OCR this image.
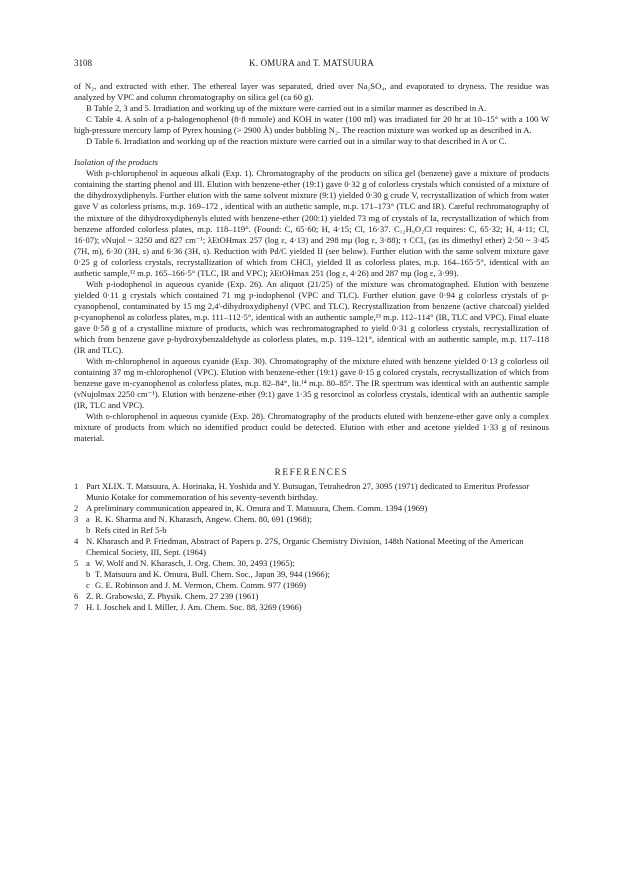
3108	K. OMURA and T. MATSUURA

of N₂, and extracted with ether. The ethereal layer was separated, dried over Na₂SO₄, and evaporated to dryness. The residue was analyzed by VPC and column chromatography on silica gel (ca 60 g).

B Table 2, 3 and 5. Irradiation and working up of the mixture were carried out in a similar manner as described in A.

C Table 4. A soln of a p-halogenophenol (8·8 mmole) and KOH in water (100 ml) was irradiated for 20 hr at 10–15° with a 100 W high-pressure mercury lamp of Pyrex housing (> 2900 Å) under bubbling N₂. The reaction mixture was worked up as described in A.

D Table 6. Irradiation and working up of the reaction mixture were carried out in a similar way to that described in A or C.

Isolation of the products

With p-chlorophenol in aqueous alkali (Exp. 1). Chromatography of the products on silica gel (benzene) gave a mixture of products containing the starting phenol and III. Elution with benzene-ether (19:1) gave 0·32 g of colorless crystals which consisted of a mixture of the dihydroxydiphenyls. Further elution with the same solvent mixture (9:1) yielded 0·30 g crude V, recrystallization of which from water gave V as colorless prisms, m.p. 169–172 , identical with an authetic sample, m.p. 171–173° (TLC and IR). Careful rechromatography of the mixture of the dihydroxydiphenyls eluted with benzene-ether (200:1) yielded 73 mg of crystals of Ia, recrystallization of which from benzene afforded colorless plates, m.p. 118–119°. (Found: C, 65·60; H, 4·15; Cl, 16·37. C₁₂H₉O₂Cl requires: C, 65·32; H, 4·11; Cl, 16·07); νNujol ~ 3250 and 827 cm⁻¹; λEtOHmax 257 (log ε, 4·13) and 298 mμ (log ε, 3·88); τ CCl₄ (as its dimethyl ether) 2·50 ~ 3·45 (7H, m), 6·30 (3H, s) and 6·36 (3H, s). Reduction with Pd/C yielded II (see below). Further elution with the same solvent mixture gave 0·25 g of colorless crystals, recrystallization of which from CHCl₃ yielded II as colorless plates, m.p. 164–165·5°, identical with an authetic sample,¹² m.p. 165–166·5° (TLC, IR and VPC); λEtOHmax 251 (log ε, 4·26) and 287 mμ (log ε, 3·99).

With p-iodophenol in aqueous cyanide (Exp. 26). An aliquot (21/25) of the mixture was chromatographed. Elution with benzene yielded 0·11 g crystals which contained 71 mg p-iodophenol (VPC and TLC). Further elution gave 0·94 g colorless crystals of p-cyanophenol, contaminated by 15 mg 2,4'-dihydroxydiphenyl (VPC and TLC). Recrystallization from benzene (active charcoal) yielded p-cyanophenol as colorless plates, m.p. 111–112·5°, identical with an authentic sample,¹³ m.p. 112–114° (IR, TLC and VPC). Final eluate gave 0·58 g of a crystalline mixture of products, which was rechromatographed to yield 0·31 g colorless crystals, recrystallization of which from benzene gave p-hydroxybenzaldehyde as colorless plates, m.p. 119–121°, identical with an authentic sample, m.p. 117–118 (IR and TLC).

With m-chlorophenol in aqueous cyanide (Exp. 30). Chromatography of the mixture eluted with benzene yielded 0·13 g colorless oil containing 37 mg m-chlorophenol (VPC). Elution with benzene-ether (19:1) gave 0·15 g colored crystals, recrystallization of which from benzene gave m-cyanophenol as colorless plates, m.p. 82–84°, lit.¹⁴ m.p. 80–85°. The IR spectrum was identical with an authentic sample (νNujolmax 2250 cm⁻¹). Elution with benzene-ether (9:1) gave 1·35 g resorcinol as colorless crystals, identical with an authentic sample (IR, TLC and VPC).

With o-chlorophenol in aqueous cyanide (Exp. 28). Chromatography of the products eluted with benzene-ether gave only a complex mixture of products from which no identified product could be detected. Elution with ether and acetone yielded 1·33 g of resinous material.

REFERENCES
1 Part XLIX. T. Matsuura, A. Horinaka, H. Yoshida and Y. Butsugan, Tetrahedron 27, 3095 (1971) dedicated to Emeritus Professor Munio Kotake for commemoration of his seventy-seventh birthday.
2 A preliminary communication appeared in, K. Omura and T. Matsuura, Chem. Comm. 1394 (1969)
3 a R. K. Sharma and N. Kharasch, Angew. Chem. 80, 691 (1968);
b Refs cited in Ref 5-b
4 N. Kharasch and P. Friedman, Abstract of Papers p. 27S, Organic Chemistry Division, 148th National Meeting of the American Chemical Society, III, Sept. (1964)
5 a W. Wolf and N. Kharasch, J. Org. Chem. 30, 2493 (1965);
b T. Matsuura and K. Omura, Bull. Chem. Soc., Japan 39, 944 (1966);
c G. E. Robinson and J. M. Vermon, Chem. Comm. 977 (1969)
6 Z. R. Grabowski, Z. Physik. Chem. 27 239 (1961)
7 H. I. Joschek and I. Miller, J. Am. Chem. Soc. 88, 3269 (1966)
